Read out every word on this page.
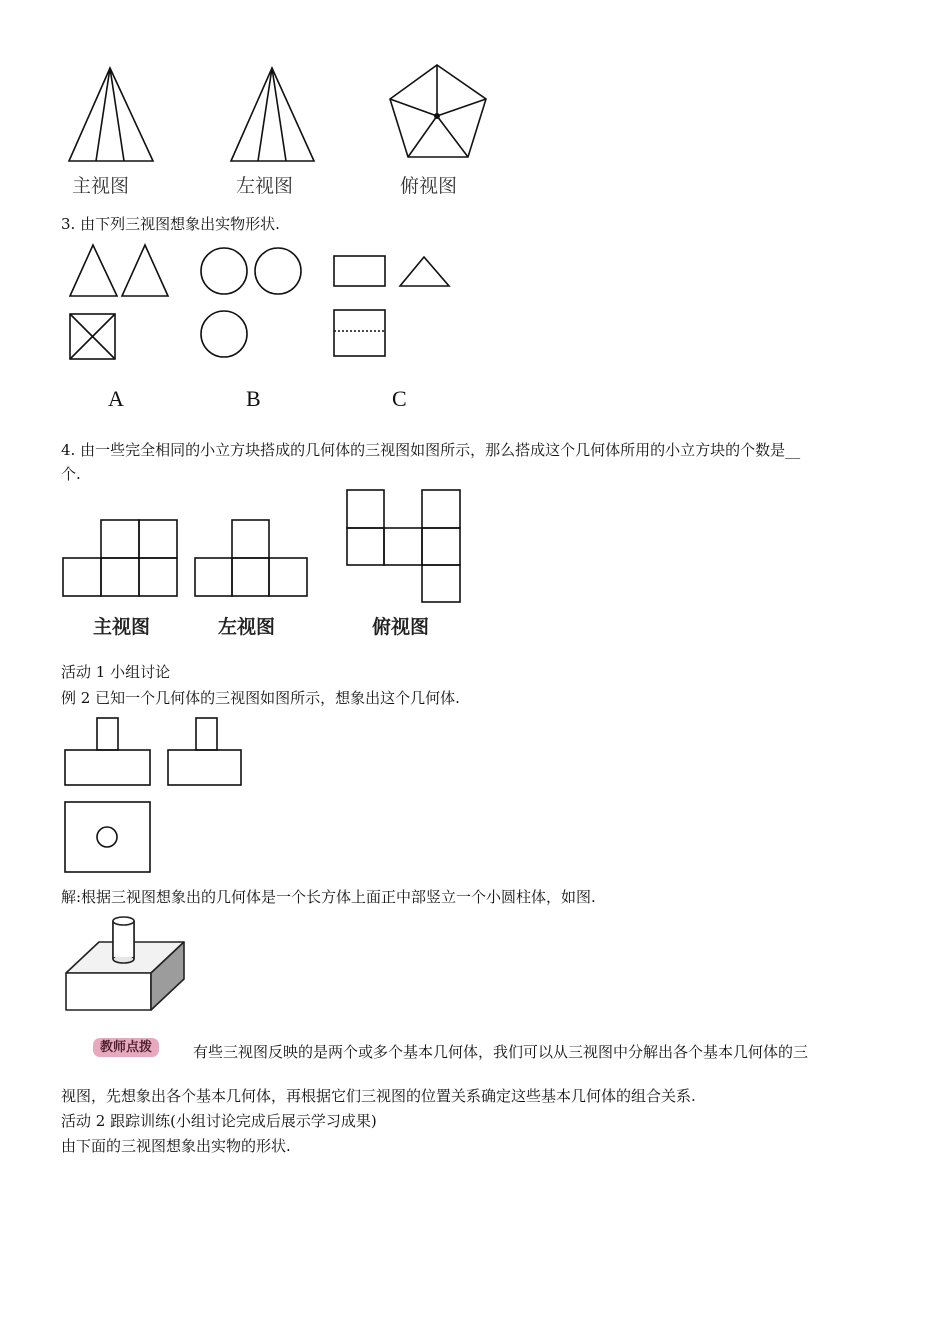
主视图	左视图	俯视图
3. 由下列三视图想象出实物形状.
A	B	C
4. 由一些完全相同的小立方块搭成的几何体的三视图如图所示，那么搭成这个几何体所用的小立方块的个数是__
个.
主视图	左视图	俯视图
活动 1 小组讨论
例 2 已知一个几何体的三视图如图所示，想象出这个几何体.
解:根据三视图想象出的几何体是一个长方体上面正中部竖立一个小圆柱体，如图.
教师点拨	有些三视图反映的是两个或多个基本几何体，我们可以从三视图中分解出各个基本几何体的三
视图，先想象出各个基本几何体，再根据它们三视图的位置关系确定这些基本几何体的组合关系.
活动 2 跟踪训练(小组讨论完成后展示学习成果)
由下面的三视图想象出实物的形状.
